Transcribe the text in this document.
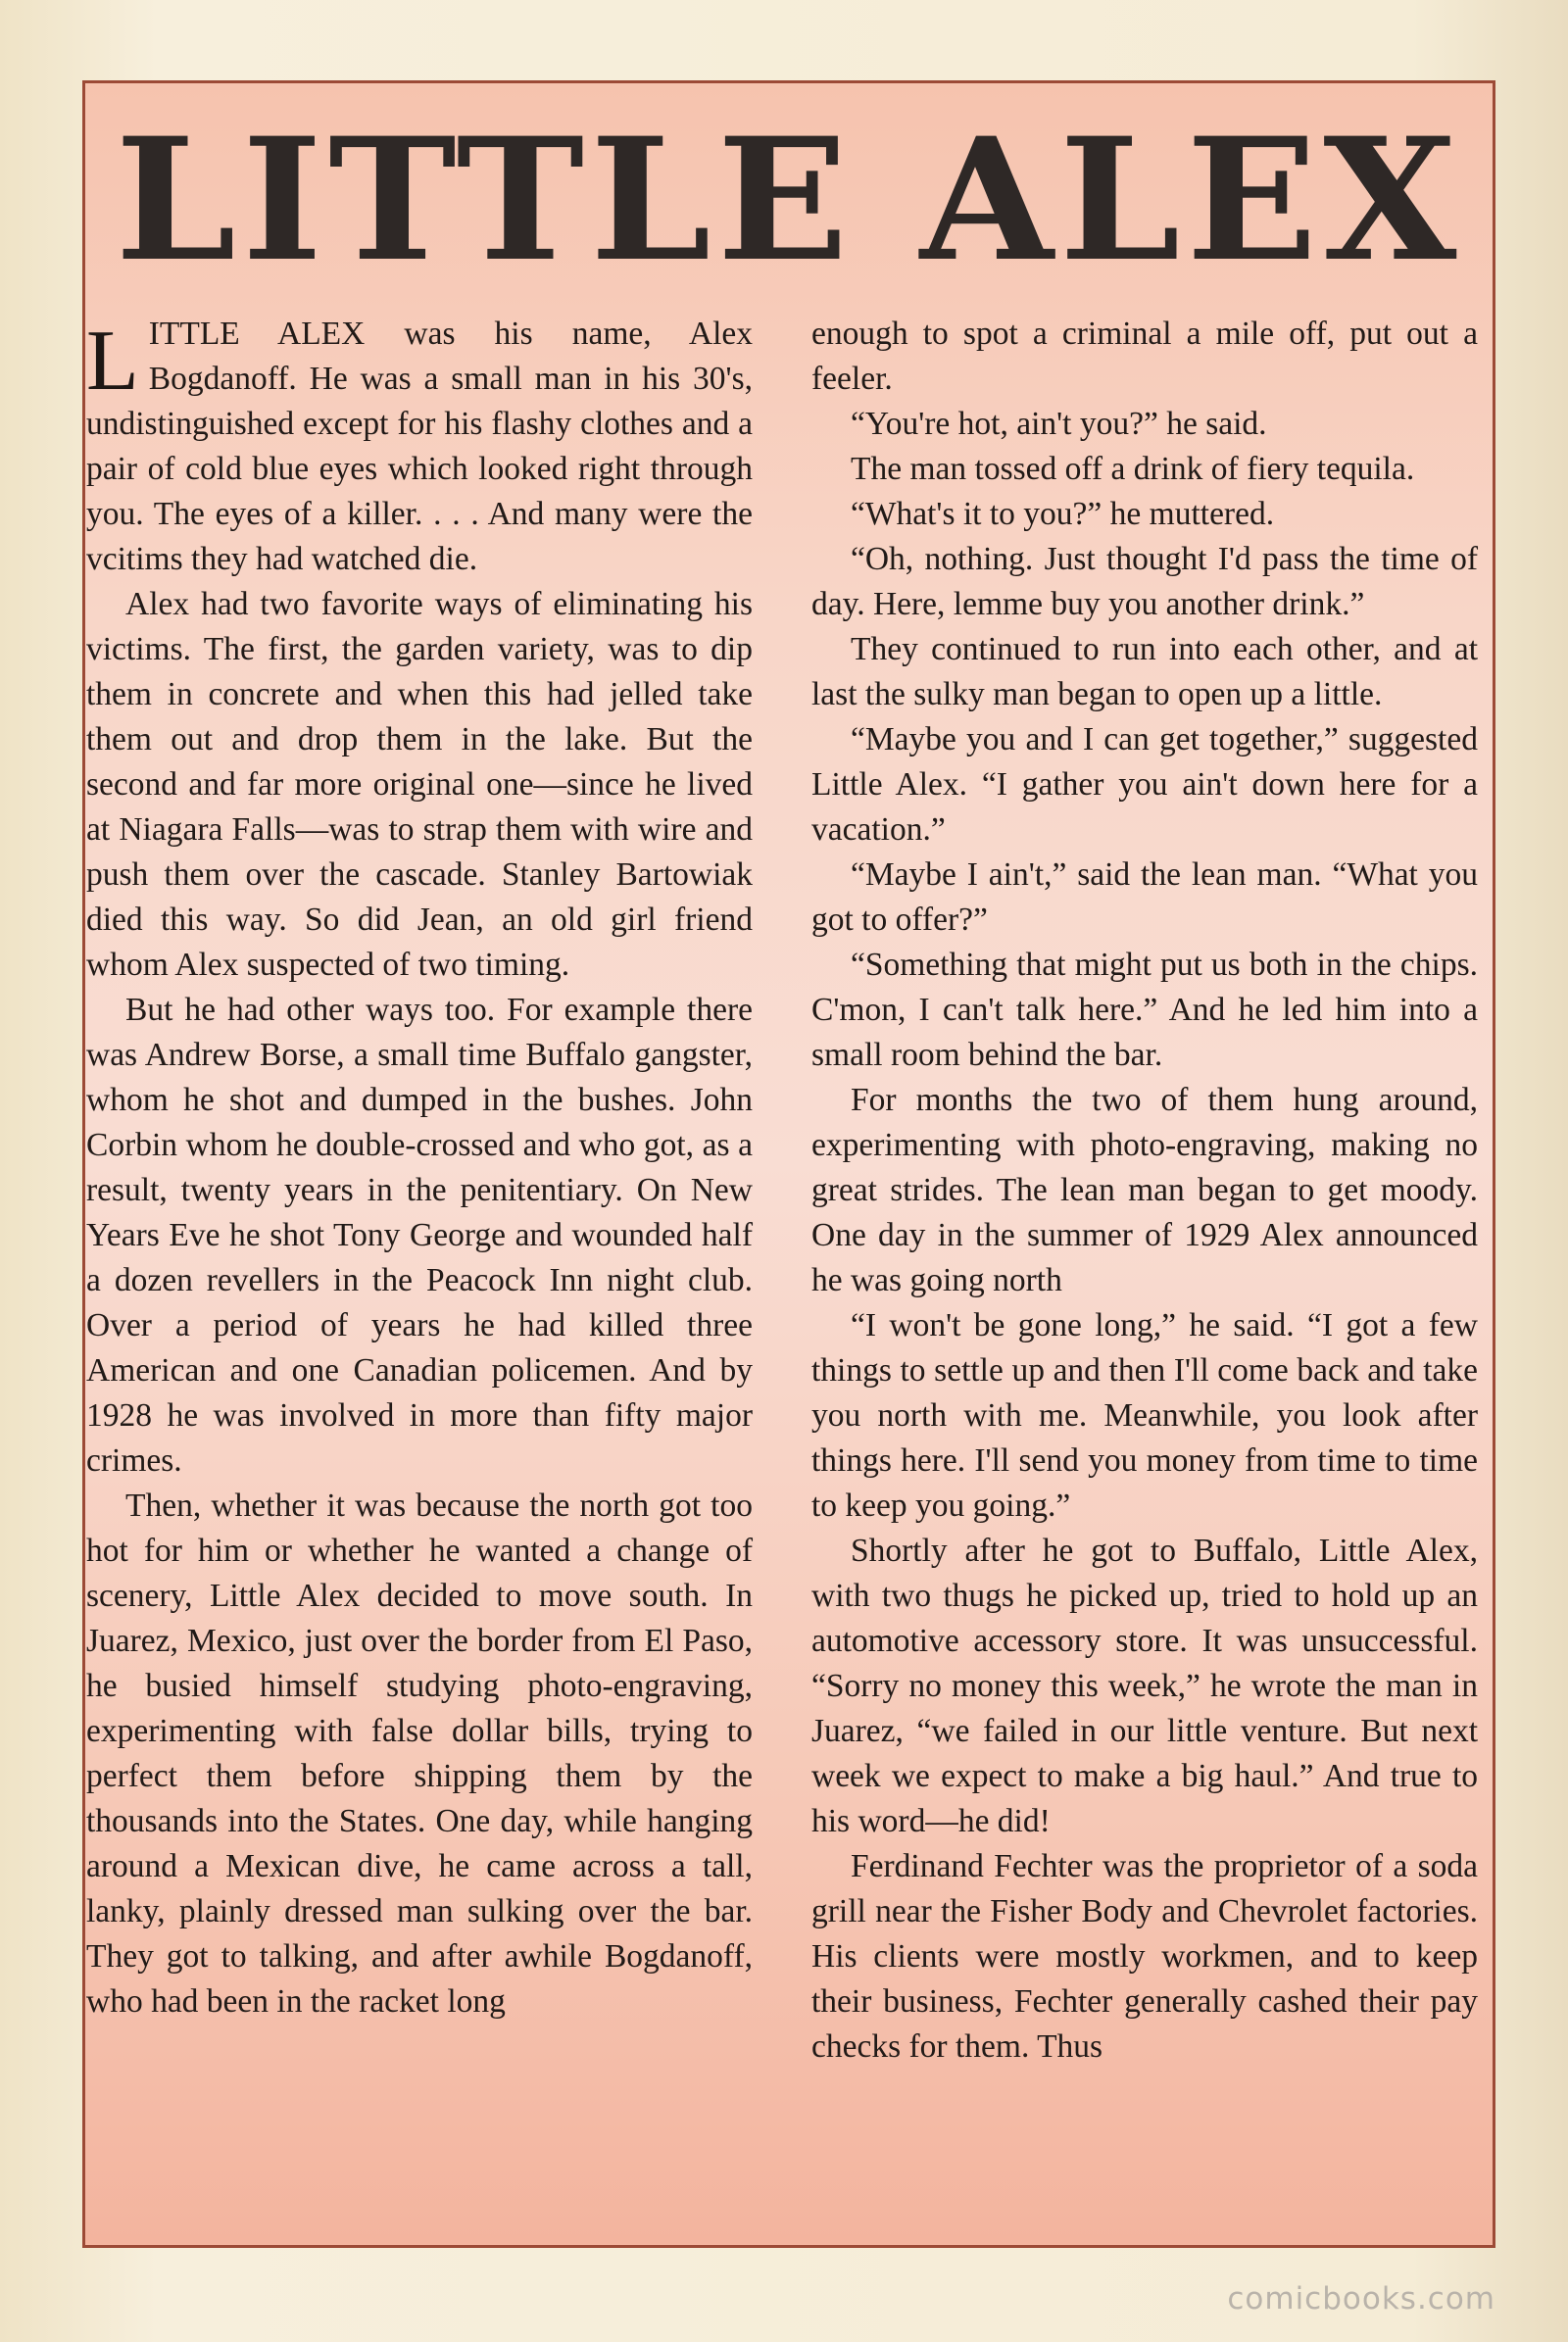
LITTLE ALEX

LITTLE ALEX was his name, Alex Bogdanoff. He was a small man in his 30's, undistinguished except for his flashy clothes and a pair of cold blue eyes which looked right through you. The eyes of a killer. . . . And many were the vcitims they had watched die.

Alex had two favorite ways of eliminating his victims. The first, the garden variety, was to dip them in concrete and when this had jelled take them out and drop them in the lake. But the second and far more original one—since he lived at Niagara Falls—was to strap them with wire and push them over the cascade. Stanley Bartowiak died this way. So did Jean, an old girl friend whom Alex suspected of two timing.

But he had other ways too. For example there was Andrew Borse, a small time Buffalo gangster, whom he shot and dumped in the bushes. John Corbin whom he double-crossed and who got, as a result, twenty years in the penitentiary. On New Years Eve he shot Tony George and wounded half a dozen revellers in the Peacock Inn night club. Over a period of years he had killed three American and one Canadian policemen. And by 1928 he was involved in more than fifty major crimes.

Then, whether it was because the north got too hot for him or whether he wanted a change of scenery, Little Alex decided to move south. In Juarez, Mexico, just over the border from El Paso, he busied himself studying photo-engraving, experimenting with false dollar bills, trying to perfect them before shipping them by the thousands into the States. One day, while hanging around a Mexican dive, he came across a tall, lanky, plainly dressed man sulking over the bar. They got to talking, and after awhile Bogdanoff, who had been in the racket long

enough to spot a criminal a mile off, put out a feeler.

“You're hot, ain't you?” he said.

The man tossed off a drink of fiery tequila.

“What's it to you?” he muttered.

“Oh, nothing. Just thought I'd pass the time of day. Here, lemme buy you another drink.”

They continued to run into each other, and at last the sulky man began to open up a little.

“Maybe you and I can get together,” suggested Little Alex. “I gather you ain't down here for a vacation.”

“Maybe I ain't,” said the lean man. “What you got to offer?”

“Something that might put us both in the chips. C'mon, I can't talk here.” And he led him into a small room behind the bar.

For months the two of them hung around, experimenting with photo-engraving, making no great strides. The lean man began to get moody. One day in the summer of 1929 Alex announced he was going north

“I won't be gone long,” he said. “I got a few things to settle up and then I'll come back and take you north with me. Meanwhile, you look after things here. I'll send you money from time to time to keep you going.”

Shortly after he got to Buffalo, Little Alex, with two thugs he picked up, tried to hold up an automotive accessory store. It was unsuccessful. “Sorry no money this week,” he wrote the man in Juarez, “we failed in our little venture. But next week we expect to make a big haul.” And true to his word—he did!

Ferdinand Fechter was the proprietor of a soda grill near the Fisher Body and Chevrolet factories. His clients were mostly workmen, and to keep their business, Fechter generally cashed their pay checks for them. Thus

comicbooks.com
